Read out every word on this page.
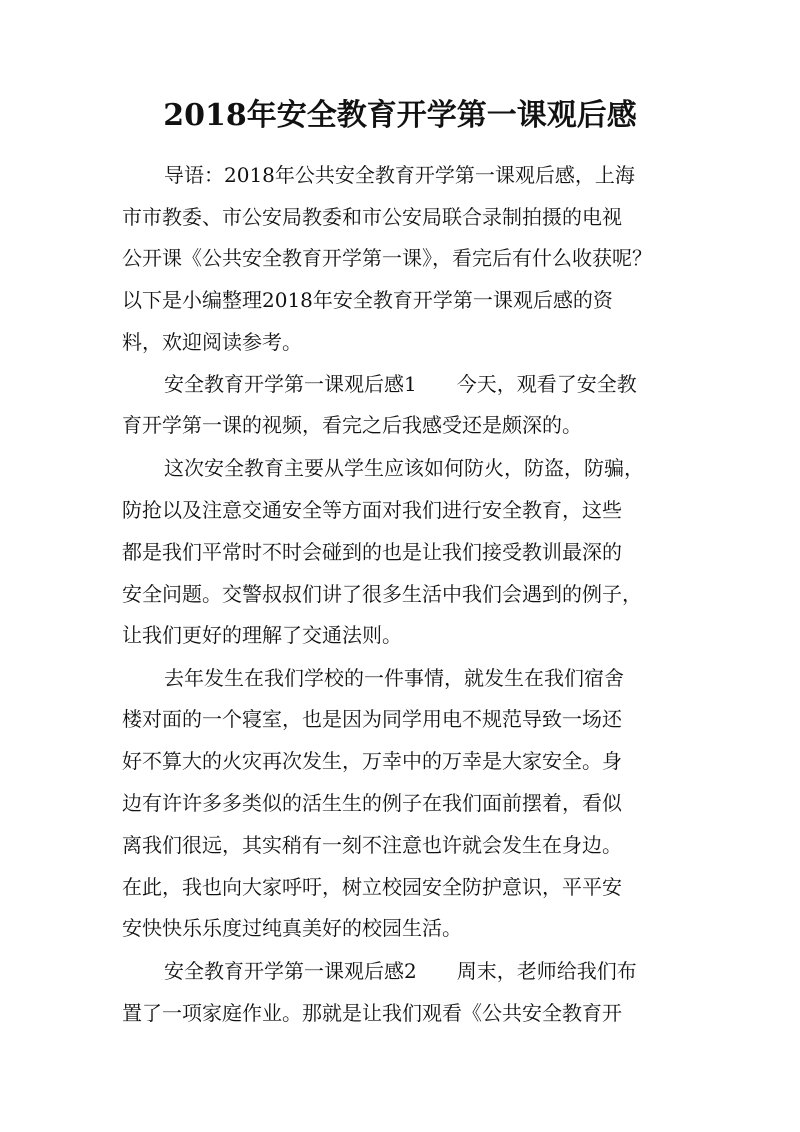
2018年安全教育开学第一课观后感
导语：2018年公共安全教育开学第一课观后感，上海
市市教委、市公安局教委和市公安局联合录制拍摄的电视
公开课《公共安全教育开学第一课》，看完后有什么收获呢？
以下是小编整理2018年安全教育开学第一课观后感的资
料，欢迎阅读参考。
安全教育开学第一课观后感1　　今天，观看了安全教
育开学第一课的视频，看完之后我感受还是颇深的。
这次安全教育主要从学生应该如何防火，防盗，防骗，
防抢以及注意交通安全等方面对我们进行安全教育，这些
都是我们平常时不时会碰到的也是让我们接受教训最深的
安全问题。交警叔叔们讲了很多生活中我们会遇到的例子，
让我们更好的理解了交通法则。
去年发生在我们学校的一件事情，就发生在我们宿舍
楼对面的一个寝室，也是因为同学用电不规范导致一场还
好不算大的火灾再次发生，万幸中的万幸是大家安全。身
边有许许多多类似的活生生的例子在我们面前摆着，看似
离我们很远，其实稍有一刻不注意也许就会发生在身边。
在此，我也向大家呼吁，树立校园安全防护意识，平平安
安快快乐乐度过纯真美好的校园生活。
安全教育开学第一课观后感2　　周末，老师给我们布
置了一项家庭作业。那就是让我们观看《公共安全教育开
